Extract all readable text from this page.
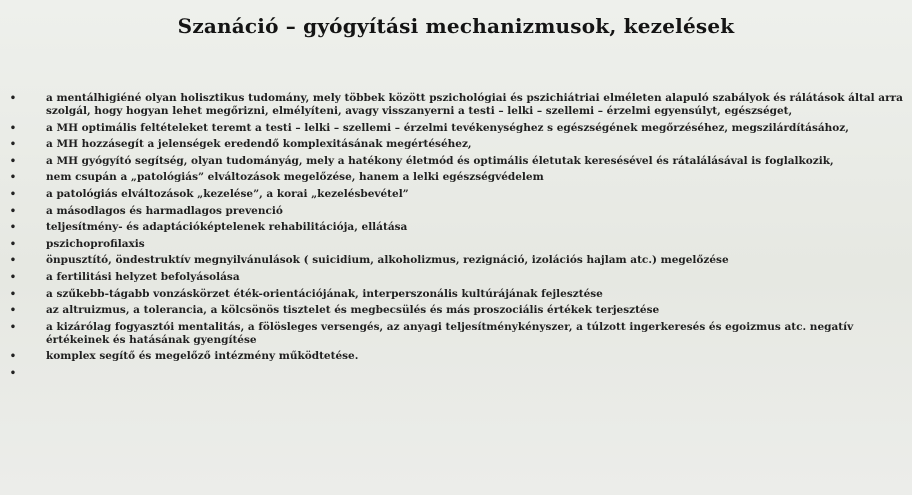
Szanáció – gyógyítási mechanizmusok, kezelések
•	a mentálhigiéné olyan holisztikus tudomány, mely többek között pszichológiai és pszichiátriai elméleten alapuló szabályok és rálátások által arra szolgál, hogy hogyan lehet megőrizni, elmélyíteni, avagy visszanyerni a testi – lelki – szellemi – érzelmi egyensúlyt, egészséget,
•	a MH optimális feltételeket teremt a testi – lelki – szellemi – érzelmi tevékenységhez s egészségének megőrzéséhez, megszilárdításához,
•	a MH hozzásegít a jelenségek eredendő komplexitásának megértéséhez,
•	a MH gyógyító segítség, olyan tudományág, mely a hatékony életmód és optimális életutak keresésével és rátalálásával is foglalkozik,
•	nem csupán a „patológiás” elváltozások megelőzése, hanem a lelki egészségvédelem
•	a patológiás elváltozások „kezelése”, a korai „kezelésbevétel”
•	a másodlagos és harmadlagos prevenció
•	teljesítmény- és adaptációképtelenek rehabilitációja, ellátása
•	pszichoprofilaxis
•	önpusztító, öndestruktív megnyilvánulások ( suicidium, alkoholizmus, rezignáció, izolációs hajlam atc.) megelőzése
•	a fertilitási helyzet befolyásolása
•	a szűkebb-tágabb vonzáskörzet éték-orientációjának, interperszonális kultúrájának fejlesztése
•	az altruizmus, a tolerancia, a kölcsönös tisztelet és megbecsülés és más proszociális értékek terjesztése
•	a kizárólag fogyasztói mentalitás, a fölösleges versengés, az anyagi teljesítménykényszer, a túlzott ingerkeresés és egoizmus atc. negatív értékeinek és hatásának gyengítése
•	komplex segítő és megelőző intézmény működtetése.
•
